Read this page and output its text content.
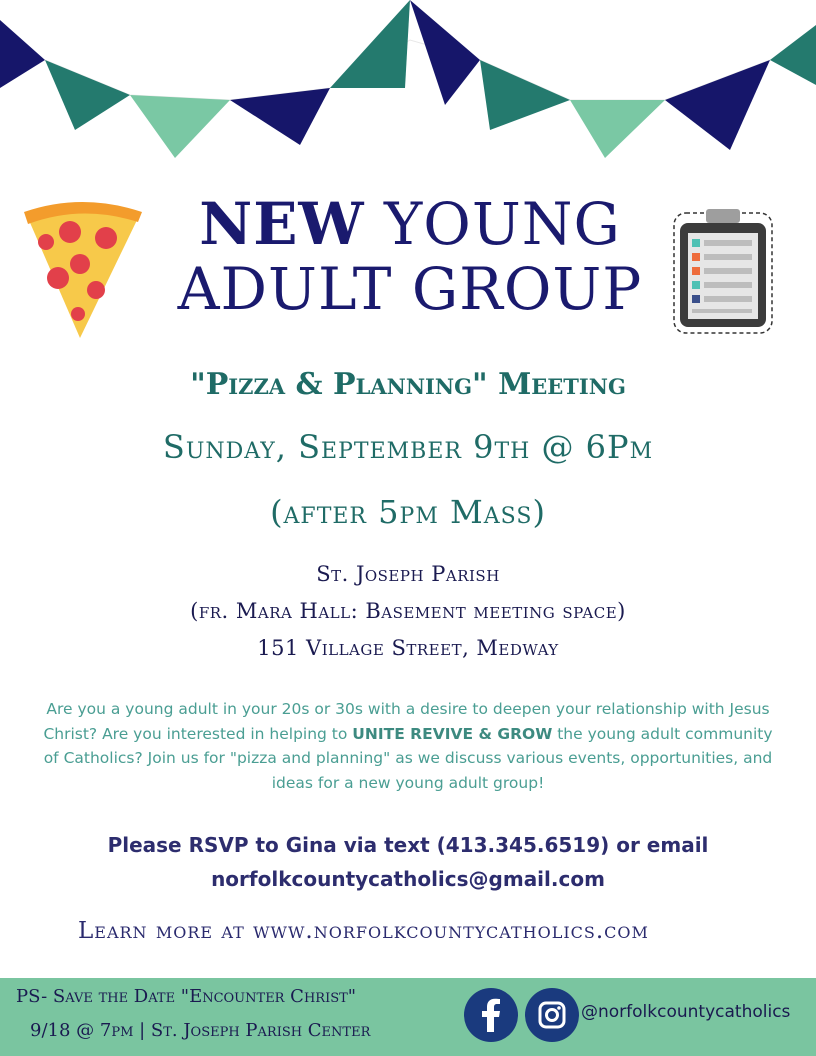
NEW YOUNG
ADULT GROUP
"Pizza & Planning" Meeting
Sunday, September 9th @ 6Pm
(after 5pm Mass)
St. Joseph Parish
(fr. Mara Hall: Basement meeting space)
151 Village Street, Medway
Are you a young adult in your 20s or 30s with a desire to deepen your relationship with Jesus Christ? Are you interested in helping to UNITE REVIVE & GROW the young adult community of Catholics? Join us for "pizza and planning" as we discuss various events, opportunities, and ideas for a new young adult group!
Please RSVP to Gina via text (413.345.6519) or email
norfolkcountycatholics@gmail.com
Learn more at www.norfolkcountycatholics.com
PS- Save the Date "Encounter Christ"
9/18 @ 7pm | St. Joseph Parish Center
@norfolkcountycatholics
